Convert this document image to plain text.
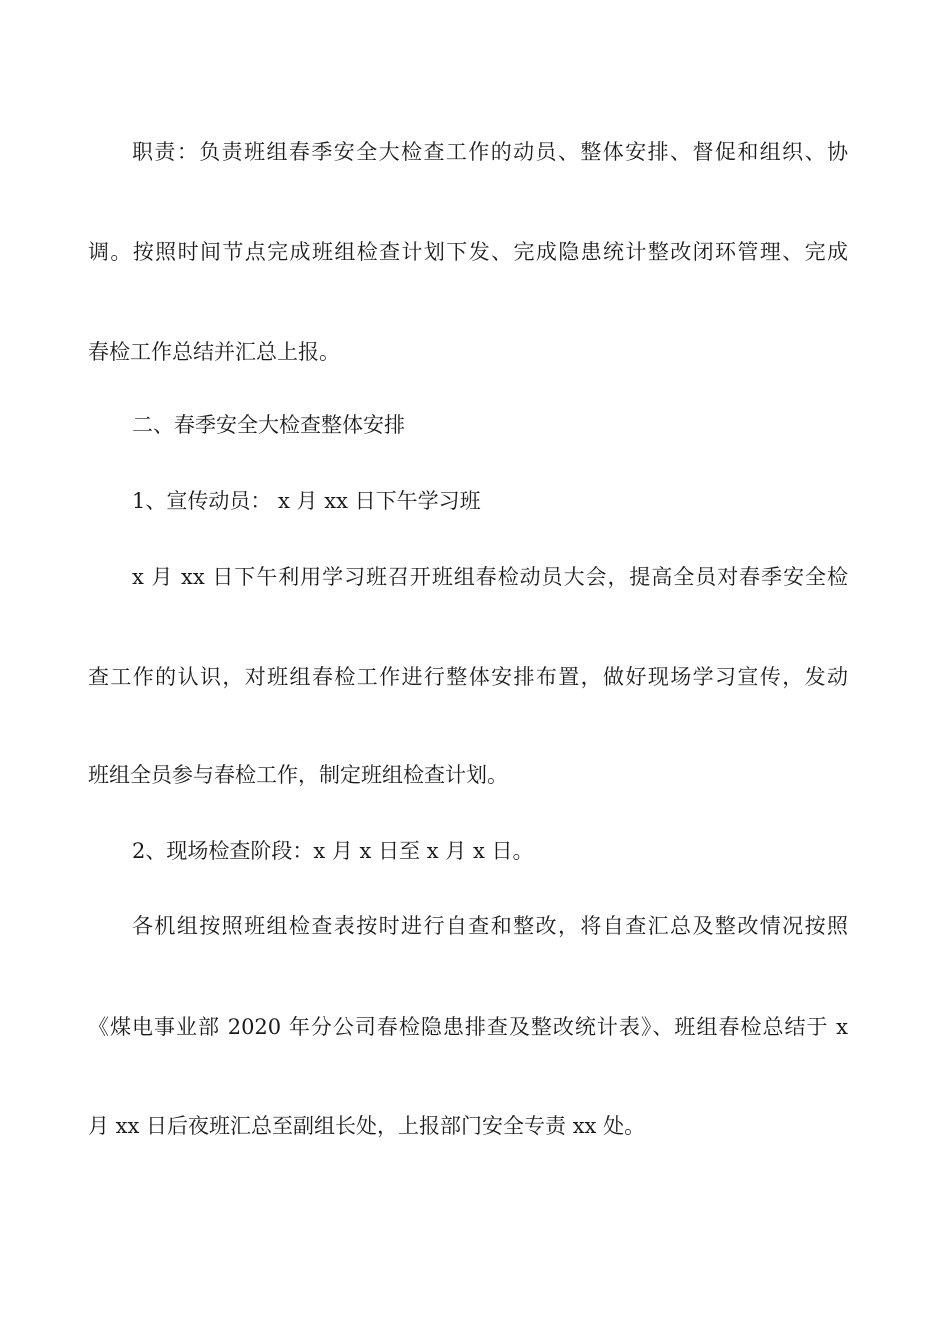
职责：负责班组春季安全大检查工作的动员、整体安排、督促和组织、协
调。按照时间节点完成班组检查计划下发、完成隐患统计整改闭环管理、完成
春检工作总结并汇总上报。
二、春季安全大检查整体安排
1、宣传动员： x 月 xx 日下午学习班
x 月 xx 日下午利用学习班召开班组春检动员大会，提高全员对春季安全检
查工作的认识，对班组春检工作进行整体安排布置，做好现场学习宣传，发动
班组全员参与春检工作，制定班组检查计划。
2、现场检查阶段：x 月 x 日至 x 月 x 日。
各机组按照班组检查表按时进行自查和整改，将自查汇总及整改情况按照
《煤电事业部 2020 年分公司春检隐患排查及整改统计表》、班组春检总结于 x
月 xx 日后夜班汇总至副组长处，上报部门安全专责 xx 处。
